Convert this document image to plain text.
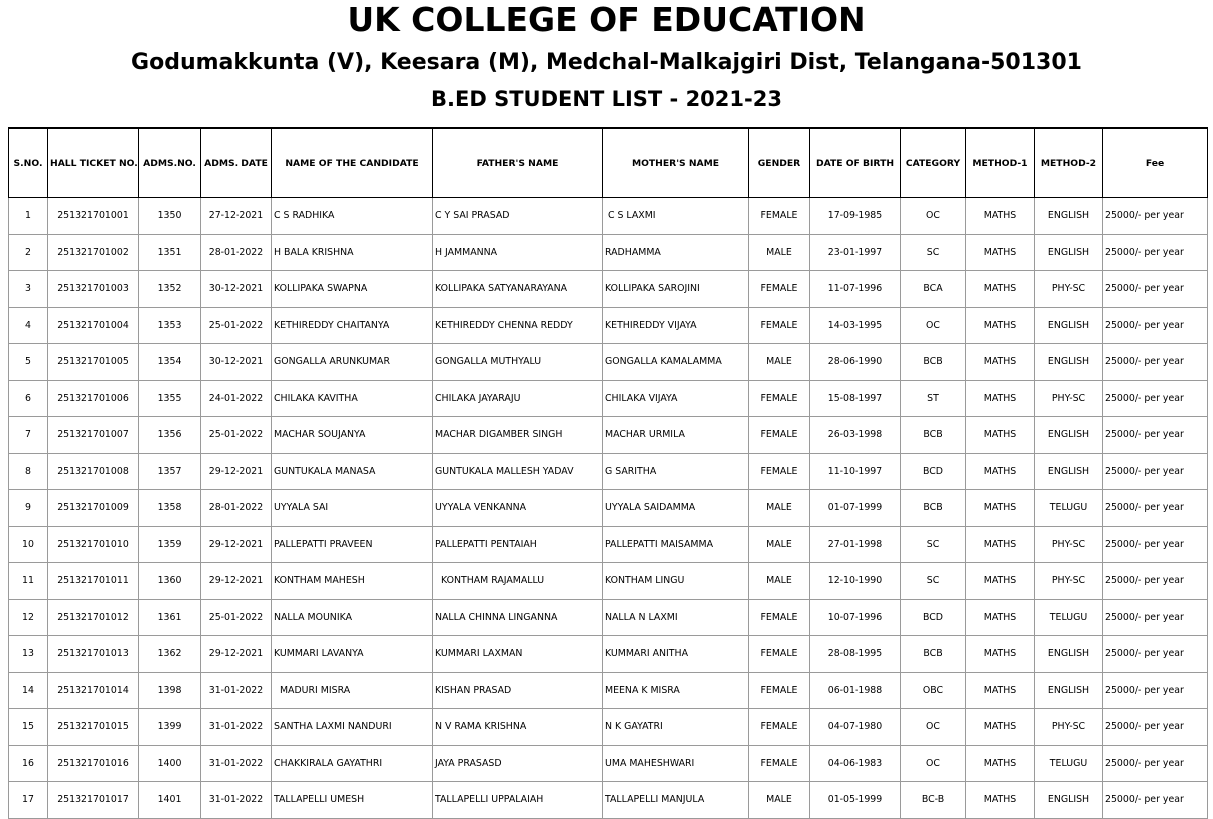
UK COLLEGE OF EDUCATION
Godumakkunta (V), Keesara (M), Medchal-Malkajgiri Dist, Telangana-501301
B.ED STUDENT LIST - 2021-23
S.NO.	HALL TICKET NO.	ADMS.NO.	ADMS. DATE	NAME OF THE CANDIDATE	FATHER'S NAME	MOTHER'S NAME	GENDER	DATE OF BIRTH	CATEGORY	METHOD-1	METHOD-2	Fee
1	251321701001	1350	27-12-2021	C S RADHIKA	C Y SAI PRASAD	C S LAXMI	FEMALE	17-09-1985	OC	MATHS	ENGLISH	25000/- per year
2	251321701002	1351	28-01-2022	H BALA KRISHNA	H JAMMANNA	RADHAMMA	MALE	23-01-1997	SC	MATHS	ENGLISH	25000/- per year
3	251321701003	1352	30-12-2021	KOLLIPAKA SWAPNA	KOLLIPAKA SATYANARAYANA	KOLLIPAKA SAROJINI	FEMALE	11-07-1996	BCA	MATHS	PHY-SC	25000/- per year
4	251321701004	1353	25-01-2022	KETHIREDDY CHAITANYA	KETHIREDDY CHENNA REDDY	KETHIREDDY VIJAYA	FEMALE	14-03-1995	OC	MATHS	ENGLISH	25000/- per year
5	251321701005	1354	30-12-2021	GONGALLA ARUNKUMAR	GONGALLA MUTHYALU	GONGALLA KAMALAMMA	MALE	28-06-1990	BCB	MATHS	ENGLISH	25000/- per year
6	251321701006	1355	24-01-2022	CHILAKA KAVITHA	CHILAKA JAYARAJU	CHILAKA VIJAYA	FEMALE	15-08-1997	ST	MATHS	PHY-SC	25000/- per year
7	251321701007	1356	25-01-2022	MACHAR SOUJANYA	MACHAR DIGAMBER SINGH	MACHAR URMILA	FEMALE	26-03-1998	BCB	MATHS	ENGLISH	25000/- per year
8	251321701008	1357	29-12-2021	GUNTUKALA MANASA	GUNTUKALA MALLESH YADAV	G SARITHA	FEMALE	11-10-1997	BCD	MATHS	ENGLISH	25000/- per year
9	251321701009	1358	28-01-2022	UYYALA SAI	UYYALA VENKANNA	UYYALA SAIDAMMA	MALE	01-07-1999	BCB	MATHS	TELUGU	25000/- per year
10	251321701010	1359	29-12-2021	PALLEPATTI PRAVEEN	PALLEPATTI PENTAIAH	PALLEPATTI MAISAMMA	MALE	27-01-1998	SC	MATHS	PHY-SC	25000/- per year
11	251321701011	1360	29-12-2021	KONTHAM MAHESH	KONTHAM RAJAMALLU	KONTHAM LINGU	MALE	12-10-1990	SC	MATHS	PHY-SC	25000/- per year
12	251321701012	1361	25-01-2022	NALLA MOUNIKA	NALLA CHINNA LINGANNA	NALLA N LAXMI	FEMALE	10-07-1996	BCD	MATHS	TELUGU	25000/- per year
13	251321701013	1362	29-12-2021	KUMMARI LAVANYA	KUMMARI LAXMAN	KUMMARI ANITHA	FEMALE	28-08-1995	BCB	MATHS	ENGLISH	25000/- per year
14	251321701014	1398	31-01-2022	MADURI MISRA	KISHAN PRASAD	MEENA K MISRA	FEMALE	06-01-1988	OBC	MATHS	ENGLISH	25000/- per year
15	251321701015	1399	31-01-2022	SANTHA LAXMI NANDURI	N V RAMA KRISHNA	N K GAYATRI	FEMALE	04-07-1980	OC	MATHS	PHY-SC	25000/- per year
16	251321701016	1400	31-01-2022	CHAKKIRALA GAYATHRI	JAYA PRASASD	UMA MAHESHWARI	FEMALE	04-06-1983	OC	MATHS	TELUGU	25000/- per year
17	251321701017	1401	31-01-2022	TALLAPELLI UMESH	TALLAPELLI UPPALAIAH	TALLAPELLI MANJULA	MALE	01-05-1999	BC-B	MATHS	ENGLISH	25000/- per year
